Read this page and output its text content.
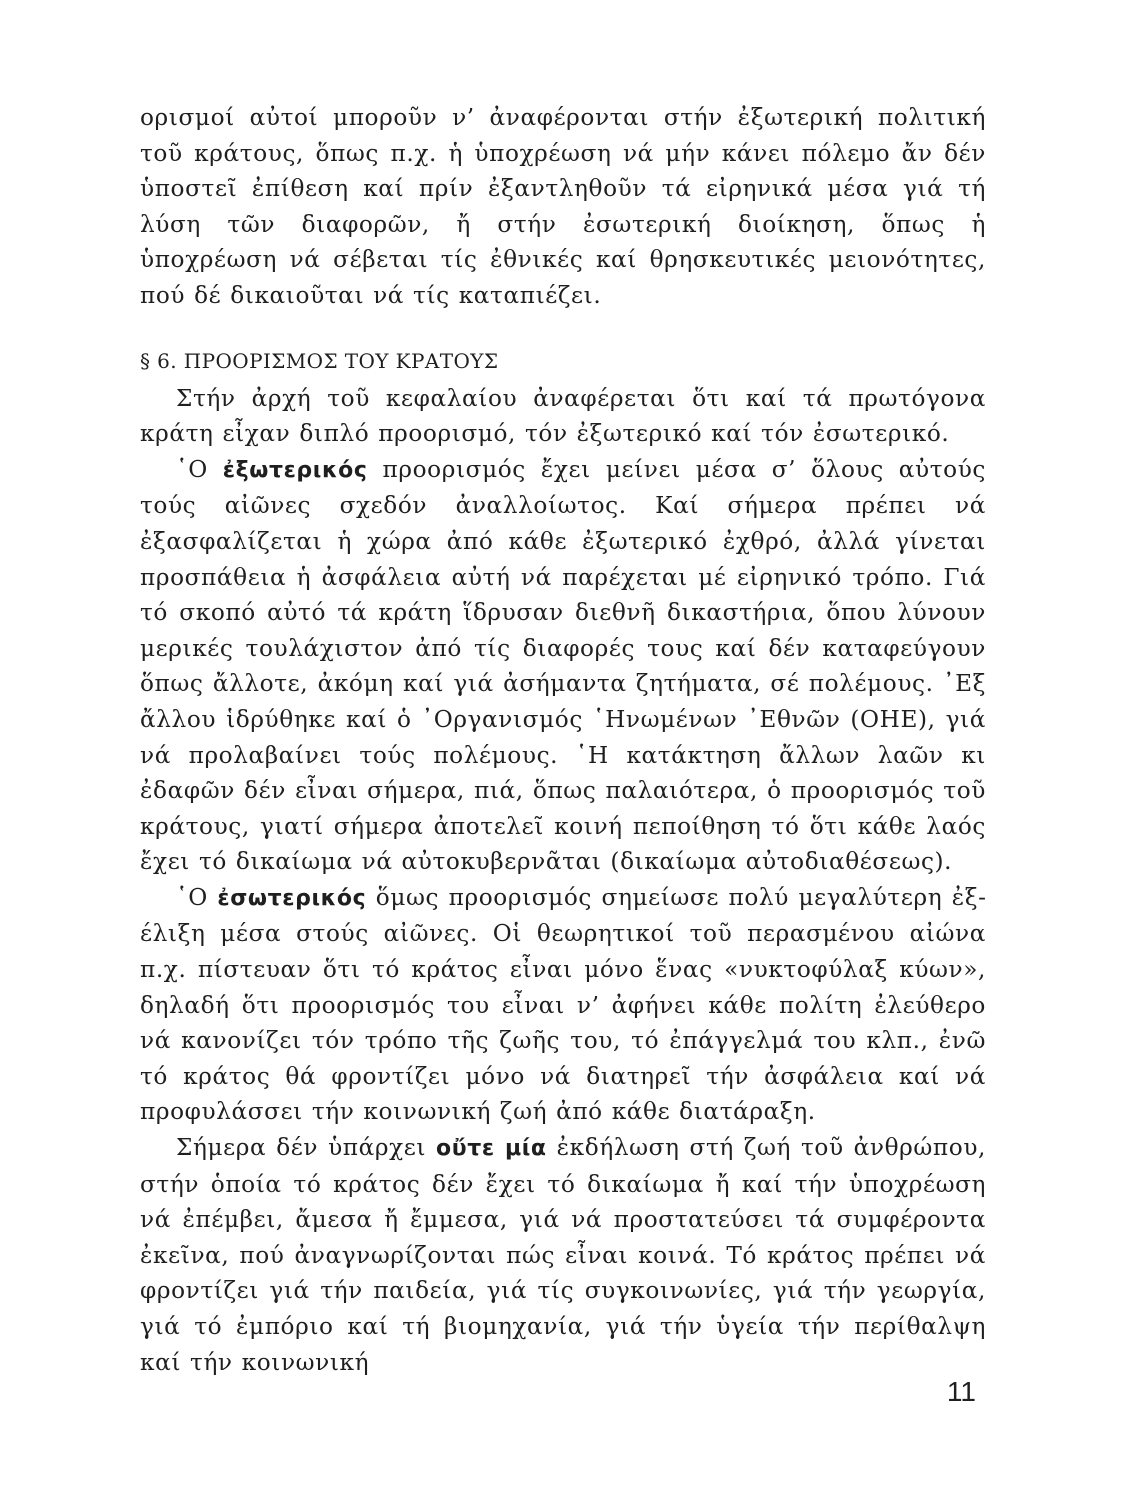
ορισμοί αὐτοί μποροῦν ν’ ἀναφέρονται στήν ἐξωτερική πολιτική τοῦ κράτους, ὅπως π.χ. ἡ ὑποχρέωση νά μήν κάνει πόλεμο ἄν δέν ὑποστεῖ ἐπίθεση καί πρίν ἐξαντληθοῦν τά εἰρηνικά μέσα γιά τή λύση τῶν διαφορῶν, ἤ στήν ἐσωτερική διοίκηση, ὅπως ἡ ὑποχρέωση νά σέβεται τίς ἐθνικές καί θρησκευτικές μειονότητες, πού δέ δικαιοῦται νά τίς καταπιέζει.

§ 6. ΠΡΟΟΡΙΣΜΟΣ ΤΟΥ ΚΡΑΤΟΥΣ

Στήν ἀρχή τοῦ κεφαλαίου ἀναφέρεται ὅτι καί τά πρωτόγονα κράτη εἶχαν διπλό προορισμό, τόν ἐξωτερικό καί τόν ἐσωτερικό.

῾Ο ἐξωτερικός προορισμός ἔχει μείνει μέσα σ’ ὅλους αὐτούς τούς αἰῶνες σχεδόν ἀναλλοίωτος. Καί σήμερα πρέπει νά ἐξασφαλίζεται ἡ χώρα ἀπό κάθε ἐξωτερικό ἐχθρό, ἀλλά γίνεται προσπάθεια ἡ ἀσφάλεια αὐτή νά παρέχεται μέ εἰρηνικό τρόπο. Γιά τό σκοπό αὐτό τά κράτη ἵδρυσαν διεθνῆ δικαστήρια, ὅπου λύνουν μερικές τουλάχιστον ἀπό τίς διαφορές τους καί δέν καταφεύγουν ὅπως ἄλλοτε, ἀκόμη καί γιά ἀσήμαντα ζητήματα, σέ πολέμους. ᾿Εξ ἄλλου ἱδρύθηκε καί ὁ ᾿Οργανισμός ῾Ηνωμένων ᾿Εθνῶν (ΟΗΕ), γιά νά προλαβαίνει τούς πολέμους. ῾Η κατάκτηση ἄλλων λαῶν κι ἐδαφῶν δέν εἶναι σήμερα, πιά, ὅπως παλαιότερα, ὁ προορισμός τοῦ κράτους, γιατί σήμερα ἀποτελεῖ κοινή πεποίθηση τό ὅτι κάθε λαός ἔχει τό δικαίωμα νά αὐτοκυβερνᾶται (δικαίωμα αὐτοδιαθέσεως).

῾Ο ἐσωτερικός ὅμως προορισμός σημείωσε πολύ μεγαλύτερη ἐξέλιξη μέσα στούς αἰῶνες. Οἱ θεωρητικοί τοῦ περασμένου αἰώνα π.χ. πίστευαν ὅτι τό κράτος εἶναι μόνο ἕνας «νυκτοφύλαξ κύων», δηλαδή ὅτι προορισμός του εἶναι ν’ ἀφήνει κάθε πολίτη ἐλεύθερο νά κανονίζει τόν τρόπο τῆς ζωῆς του, τό ἐπάγγελμά του κλπ., ἐνῶ τό κράτος θά φροντίζει μόνο νά διατηρεῖ τήν ἀσφάλεια καί νά προφυλάσσει τήν κοινωνική ζωή ἀπό κάθε διατάραξη.

Σήμερα δέν ὑπάρχει οὔτε μία ἐκδήλωση στή ζωή τοῦ ἀνθρώπου, στήν ὁποία τό κράτος δέν ἔχει τό δικαίωμα ἤ καί τήν ὑποχρέωση νά ἐπέμβει, ἄμεσα ἤ ἔμμεσα, γιά νά προστατεύσει τά συμφέροντα ἐκεῖνα, πού ἀναγνωρίζονται πώς εἶναι κοινά. Τό κράτος πρέπει νά φροντίζει γιά τήν παιδεία, γιά τίς συγκοινωνίες, γιά τήν γεωργία, γιά τό ἐμπόριο καί τή βιομηχανία, γιά τήν ὑγεία τήν περίθαλψη καί τήν κοινωνική

11
